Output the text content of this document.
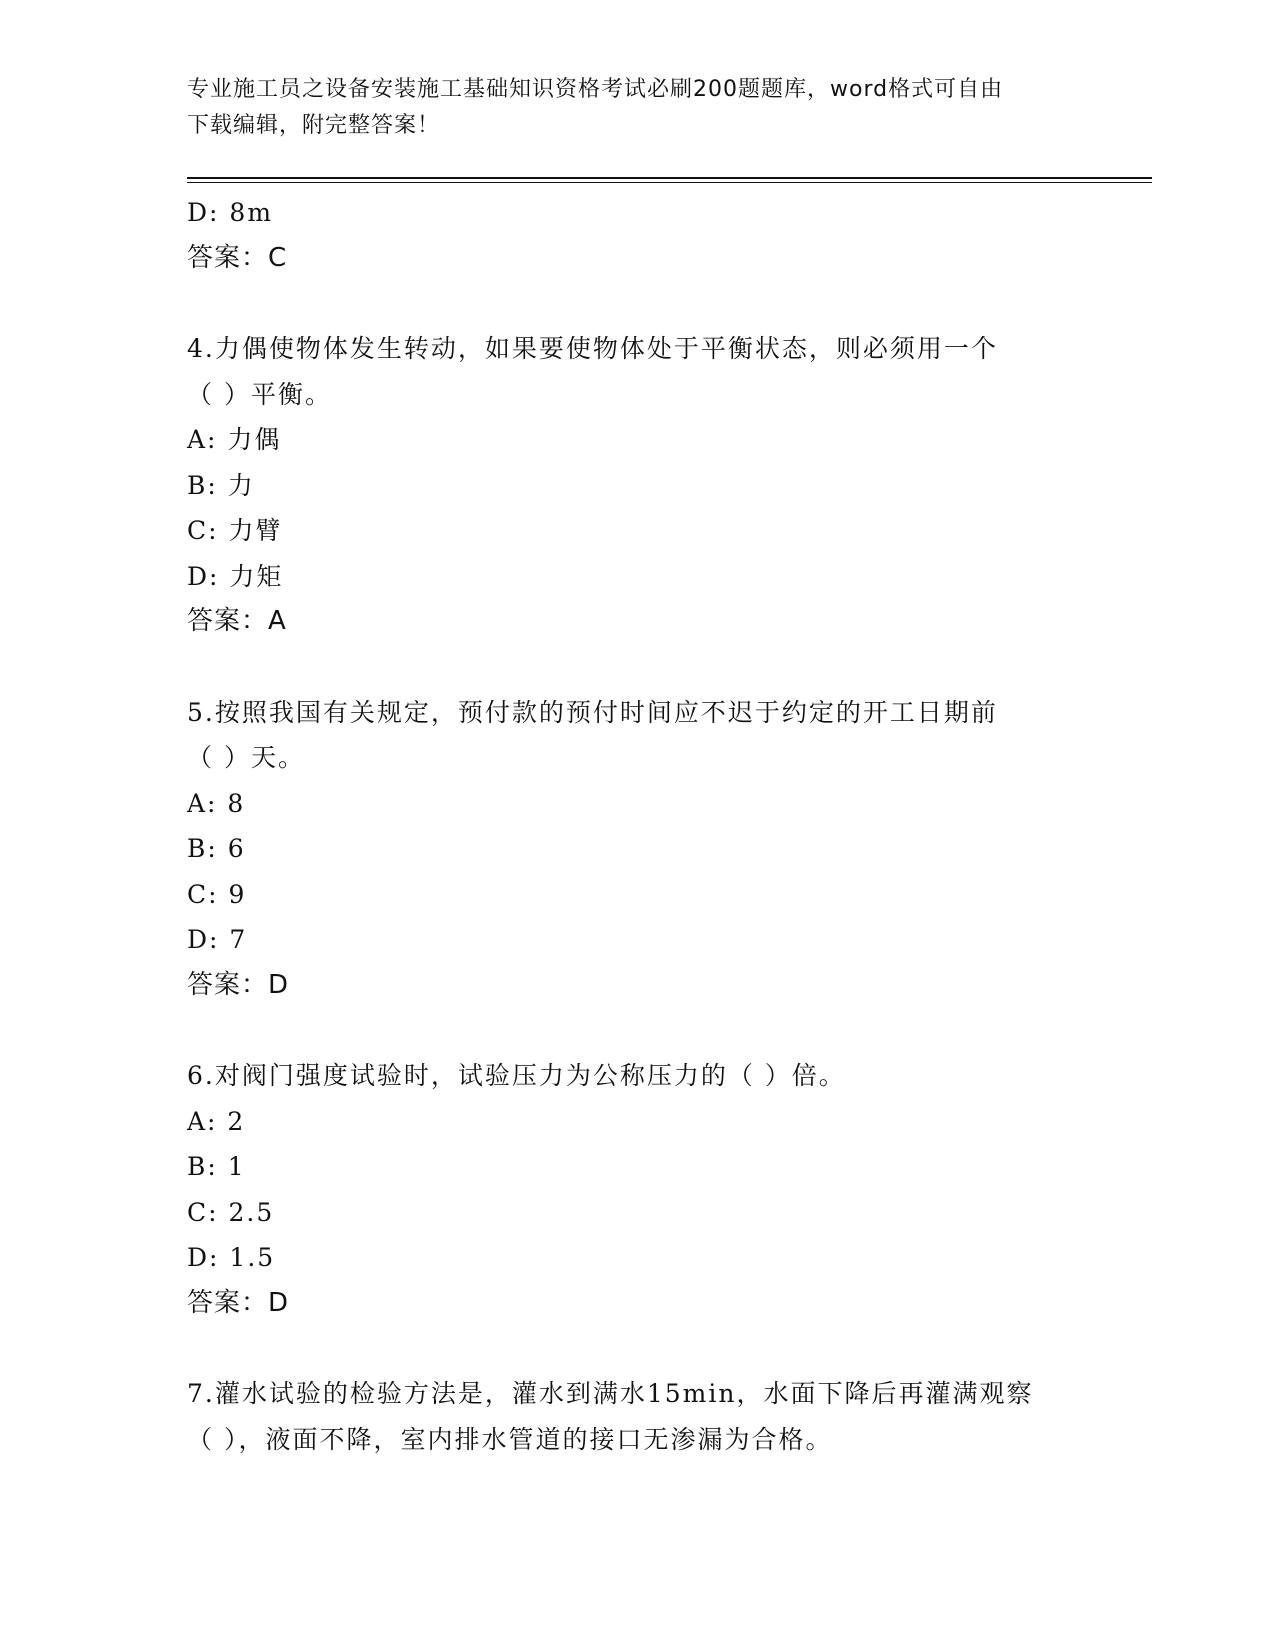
专业施工员之设备安装施工基础知识资格考试必刷200题题库，word格式可自由
下载编辑，附完整答案！
D: 8m
答案：C
4.力偶使物体发生转动，如果要使物体处于平衡状态，则必须用一个
（ ）平衡。
A: 力偶
B: 力
C: 力臂
D: 力矩
答案：A
5.按照我国有关规定，预付款的预付时间应不迟于约定的开工日期前
（ ）天。
A: 8
B: 6
C: 9
D: 7
答案：D
6.对阀门强度试验时，试验压力为公称压力的（ ）倍。
A: 2
B: 1
C: 2.5
D: 1.5
答案：D
7.灌水试验的检验方法是，灌水到满水15min，水面下降后再灌满观察
（ ），液面不降，室内排水管道的接口无渗漏为合格。
